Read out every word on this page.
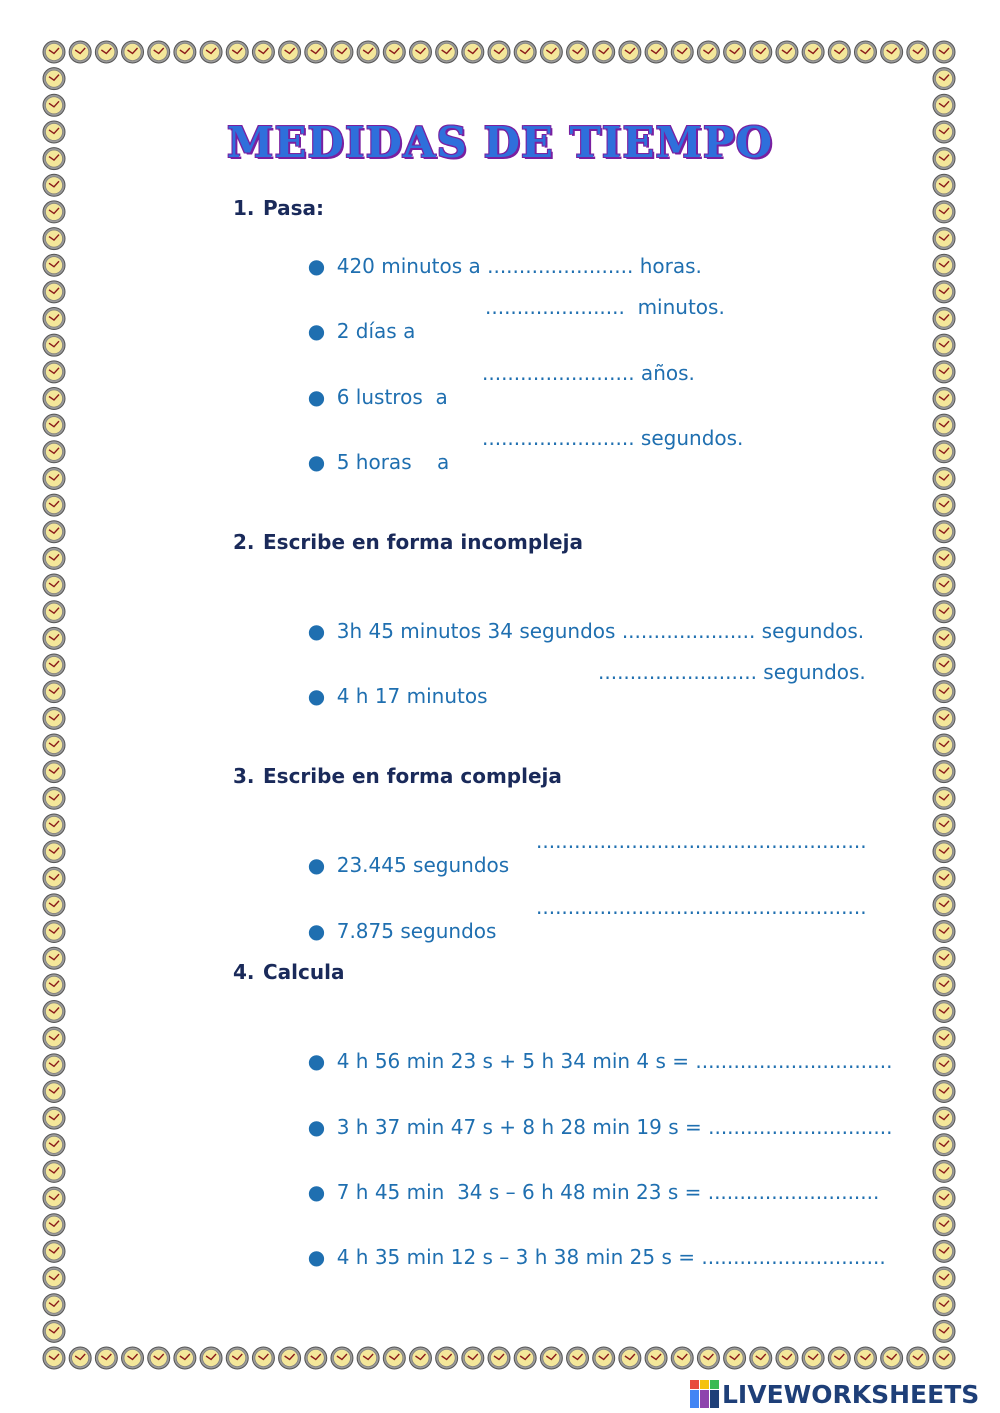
MEDIDAS DE TIEMPO
1. Pasa:

● 420 minutos a ....................... horas.

● 2 días a

......................  minutos.

● 6 lustros  a

........................ años.

● 5 horas    a

........................ segundos.

2. Escribe en forma incompleja

● 3h 45 minutos 34 segundos ..................... segundos.

● 4 h 17 minutos

......................... segundos.

3. Escribe en forma compleja

● 23.445 segundos

....................................................

● 7.875 segundos

....................................................

4. Calcula

● 4 h 56 min 23 s + 5 h 34 min 4 s = ...............................

● 3 h 37 min 47 s + 8 h 28 min 19 s = .............................

● 7 h 45 min  34 s – 6 h 48 min 23 s = ...........................

● 4 h 35 min 12 s – 3 h 38 min 25 s = .............................

LIVEWORKSHEETS
